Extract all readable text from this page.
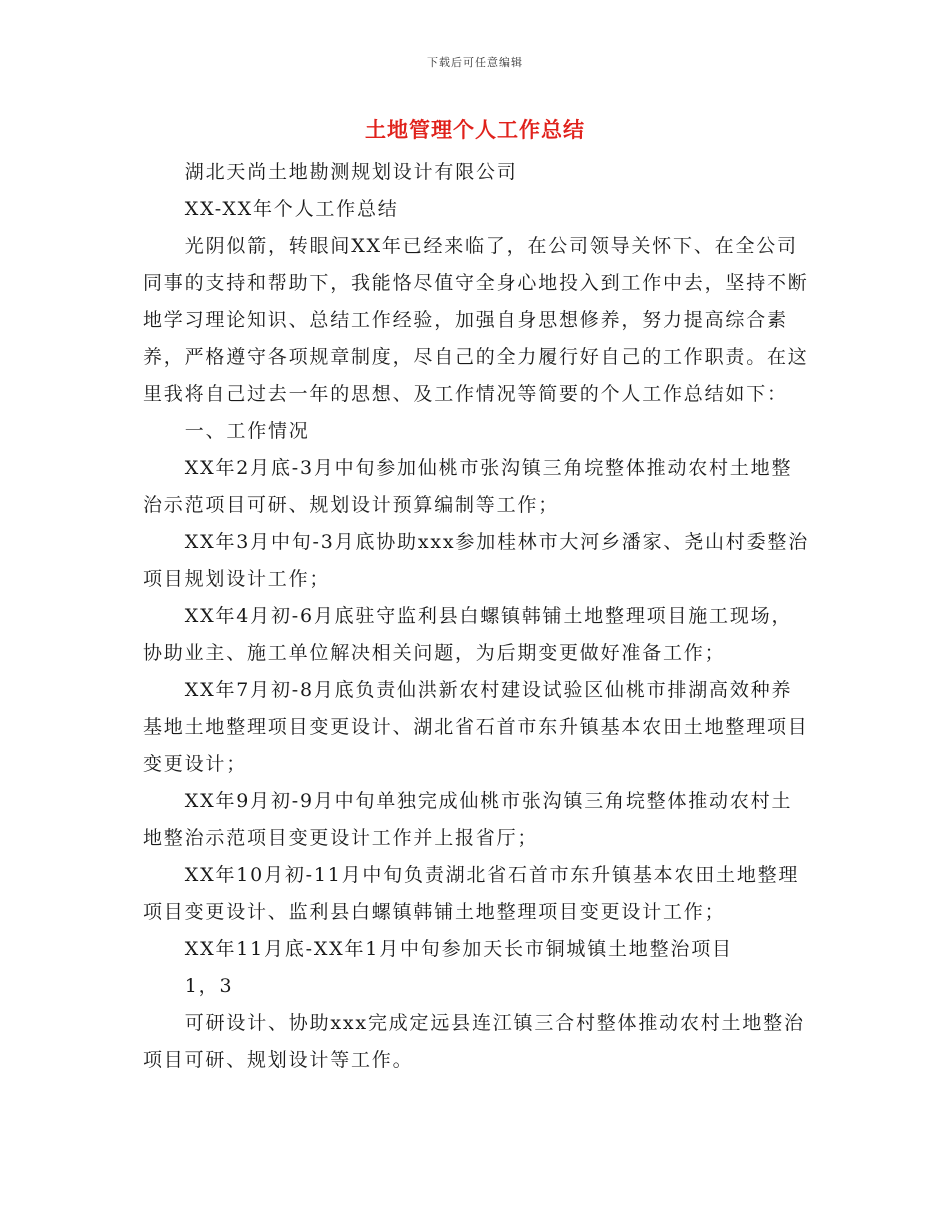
下载后可任意编辑
土地管理个人工作总结

湖北天尚土地勘测规划设计有限公司

XX-XX年个人工作总结

光阴似箭，转眼间XX年已经来临了，在公司领导关怀下、在全公司同事的支持和帮助下，我能恪尽值守全身心地投入到工作中去，坚持不断地学习理论知识、总结工作经验，加强自身思想修养，努力提高综合素养，严格遵守各项规章制度，尽自己的全力履行好自己的工作职责。在这里我将自己过去一年的思想、及工作情况等简要的个人工作总结如下：

一、工作情况

XX年2月底-3月中旬参加仙桃市张沟镇三角垸整体推动农村土地整治示范项目可研、规划设计预算编制等工作；

XX年3月中旬-3月底协助xxx参加桂林市大河乡潘家、尧山村委整治项目规划设计工作；

XX年4月初-6月底驻守监利县白螺镇韩铺土地整理项目施工现场，协助业主、施工单位解决相关问题，为后期变更做好准备工作；

XX年7月初-8月底负责仙洪新农村建设试验区仙桃市排湖高效种养基地土地整理项目变更设计、湖北省石首市东升镇基本农田土地整理项目变更设计；

XX年9月初-9月中旬单独完成仙桃市张沟镇三角垸整体推动农村土地整治示范项目变更设计工作并上报省厅；

XX年10月初-11月中旬负责湖北省石首市东升镇基本农田土地整理项目变更设计、监利县白螺镇韩铺土地整理项目变更设计工作；

XX年11月底-XX年1月中旬参加天长市铜城镇土地整治项目

1，3

可研设计、协助xxx完成定远县连江镇三合村整体推动农村土地整治项目可研、规划设计等工作。
